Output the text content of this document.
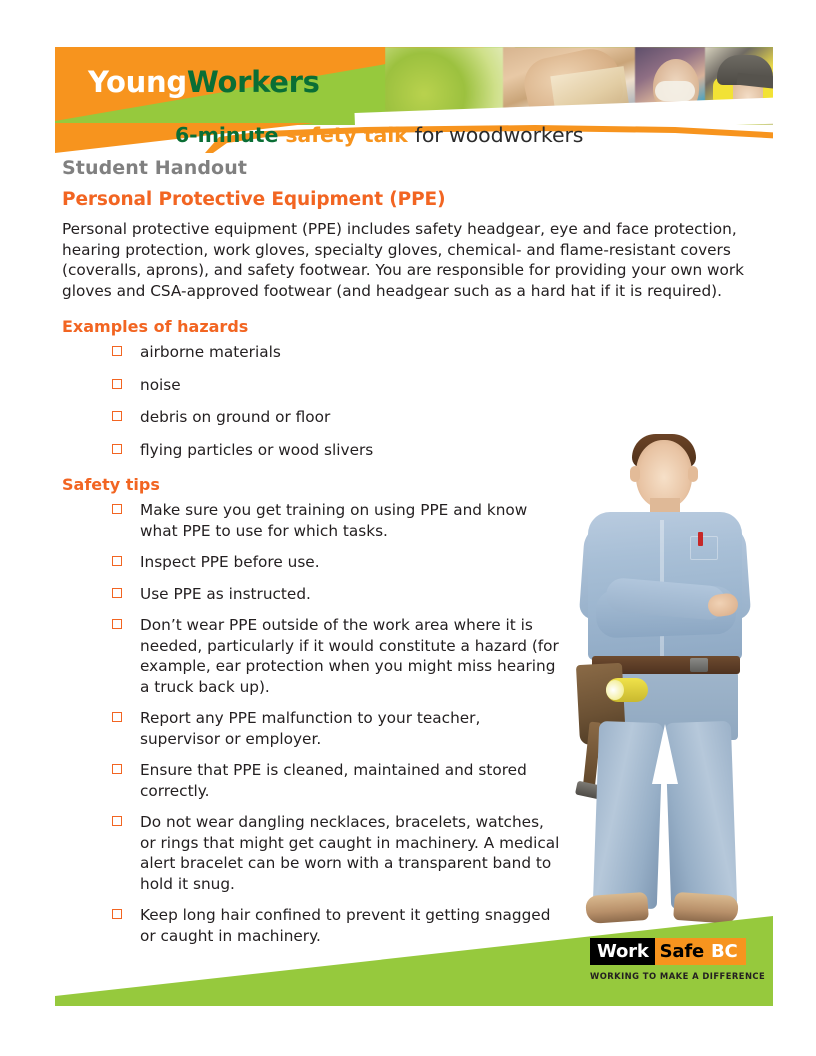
YoungWorkers
6-minute safety talk for woodworkers
Student Handout
Personal Protective Equipment (PPE)

Personal protective equipment (PPE) includes safety headgear, eye and face protection, hearing protection, work gloves, specialty gloves, chemical- and flame-resistant covers (coveralls, aprons), and safety footwear. You are responsible for providing your own work gloves and CSA-approved footwear (and headgear such as a hard hat if it is required).

Examples of hazards
airborne materials
noise
debris on ground or floor
flying particles or wood slivers
Safety tips
Make sure you get training on using PPE and know what PPE to use for which tasks.
Inspect PPE before use.
Use PPE as instructed.
Don’t wear PPE outside of the work area where it is needed, particularly if it would constitute a hazard (for example, ear protection when you might miss hearing a truck back up).
Report any PPE malfunction to your teacher, supervisor or employer.
Ensure that PPE is cleaned, maintained and stored correctly.
Do not wear dangling necklaces, bracelets, watches, or rings that might get caught in machinery. A medical alert bracelet can be worn with a transparent band to hold it snug.
Keep long hair confined to prevent it getting snagged or caught in machinery.
Work Safe BC
WORKING TO MAKE A DIFFERENCE
